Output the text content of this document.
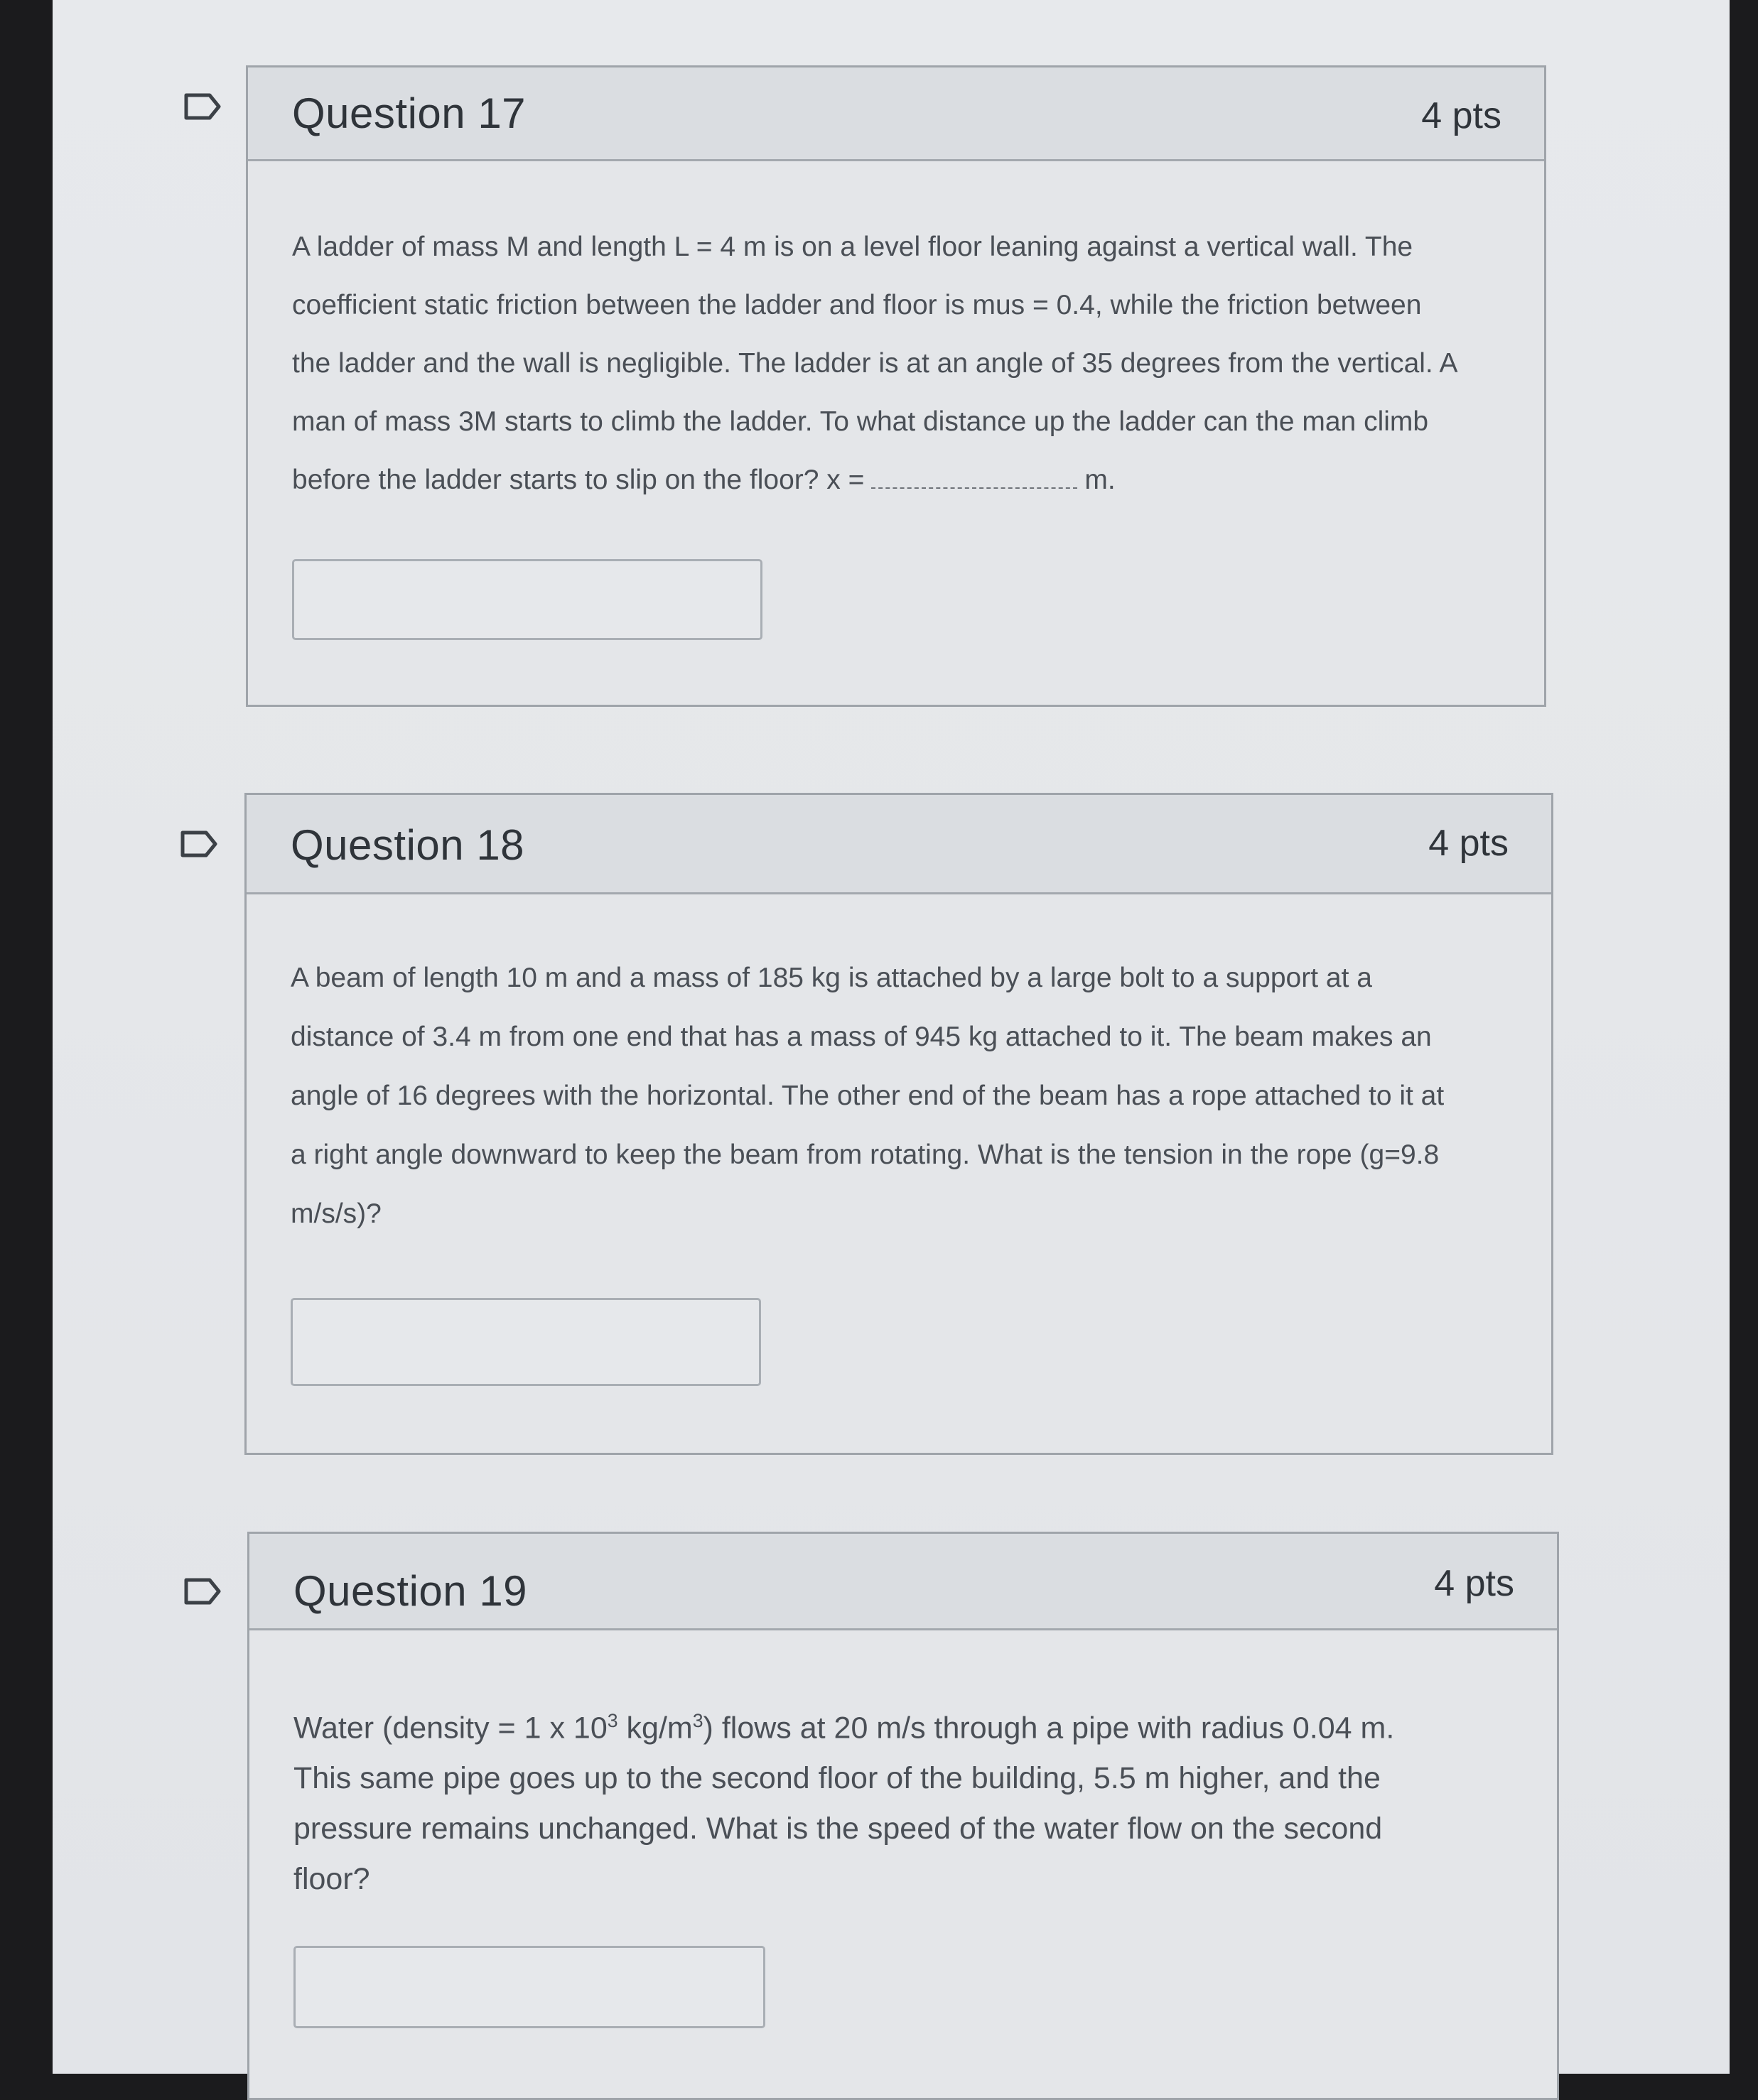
Question 17	4 pts
A ladder of mass M and length L = 4 m is on a level floor leaning against a vertical wall. The
coefficient static friction between the ladder and floor is mus = 0.4, while the friction between
the ladder and the wall is negligible. The ladder is at an angle of 35 degrees from the vertical. A
man of mass 3M starts to climb the ladder. To what distance up the ladder can the man climb
before the ladder starts to slip on the floor? x =	m.
Question 18	4 pts
A beam of length 10 m and a mass of 185 kg is attached by a large bolt to a support at a
distance of 3.4 m from one end that has a mass of 945 kg attached to it. The beam makes an
angle of 16 degrees with the horizontal. The other end of the beam has a rope attached to it at
a right angle downward to keep the beam from rotating. What is the tension in the rope (g=9.8
m/s/s)?
Question 19	4 pts
Water (density = 1 x $10^3$ $kg/m^3$) flows at 20 m/s through a pipe with radius 0.04 m.
This same pipe goes up to the second floor of the building, 5.5 m higher, and the
pressure remains unchanged. What is the speed of the water flow on the second
floor?
